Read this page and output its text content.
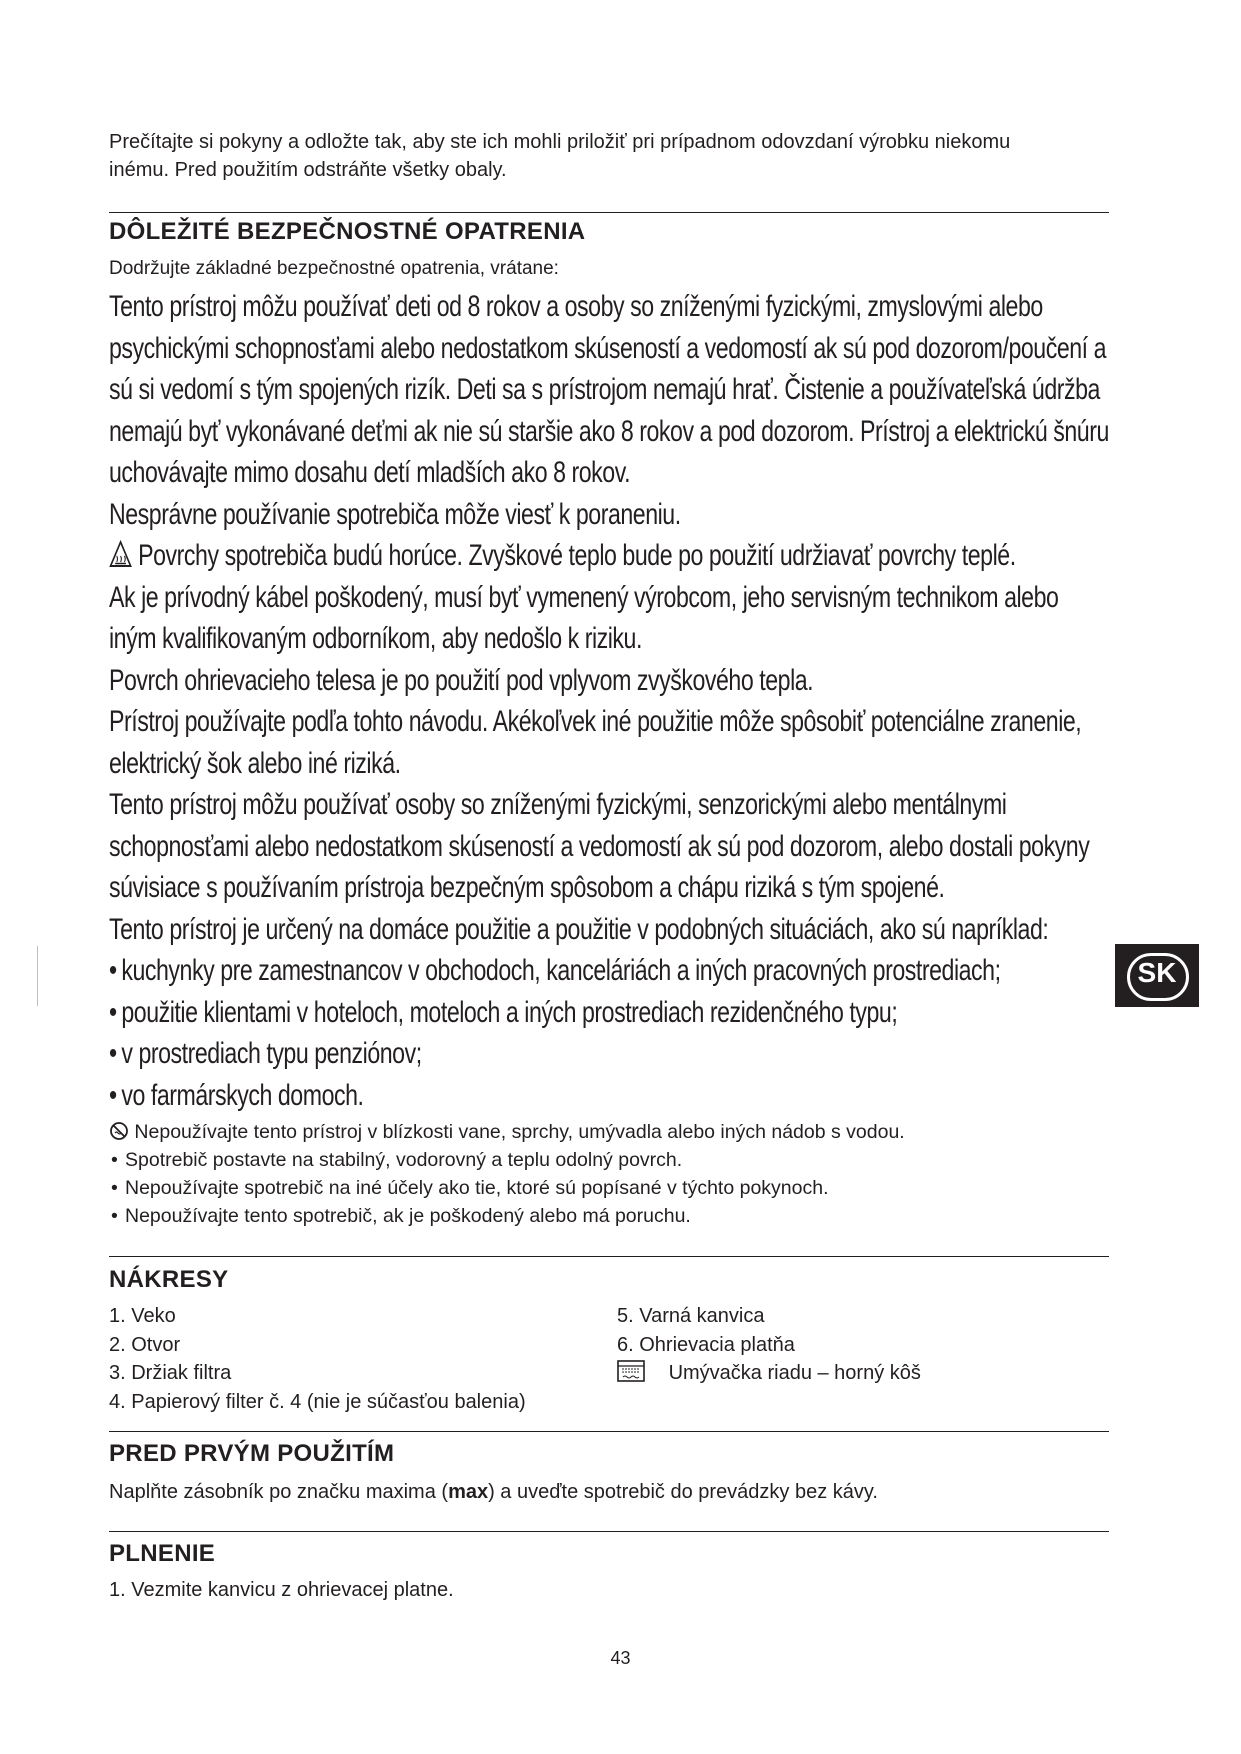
Prečítajte si pokyny a odložte tak, aby ste ich mohli priložiť pri prípadnom odovzdaní výrobku niekomu
inému. Pred použitím odstráňte všetky obaly.
DÔLEŽITÉ BEZPEČNOSTNÉ OPATRENIA
Dodržujte základné bezpečnostné opatrenia, vrátane:

Tento prístroj môžu používať deti od 8 rokov a osoby so zníženými fyzickými, zmyslovými alebo

psychickými schopnosťami alebo nedostatkom skúseností a vedomostí ak sú pod dozorom/poučení a

sú si vedomí s tým spojených rizík. Deti sa s prístrojom nemajú hrať. Čistenie a používateľská údržba

nemajú byť vykonávané deťmi ak nie sú staršie ako 8 rokov a pod dozorom. Prístroj a elektrickú šnúru

uchovávajte mimo dosahu detí mladších ako 8 rokov.

Nesprávne používanie spotrebiča môže viesť k poraneniu.

Povrchy spotrebiča budú horúce. Zvyškové teplo bude po použití udržiavať povrchy teplé.

Ak je prívodný kábel poškodený, musí byť vymenený výrobcom, jeho servisným technikom alebo

iným kvalifikovaným odborníkom, aby nedošlo k riziku.

Povrch ohrievacieho telesa je po použití pod vplyvom zvyškového tepla.

Prístroj používajte podľa tohto návodu. Akékoľvek iné použitie môže spôsobiť potenciálne zranenie,

elektrický šok alebo iné riziká.

Tento prístroj môžu používať osoby so zníženými fyzickými, senzorickými alebo mentálnymi

schopnosťami alebo nedostatkom skúseností a vedomostí ak sú pod dozorom, alebo dostali pokyny

súvisiace s používaním prístroja bezpečným spôsobom a chápu riziká s tým spojené.

Tento prístroj je určený na domáce použitie a použitie v podobných situáciách, ako sú napríklad:

• kuchynky pre zamestnancov v obchodoch, kanceláriách a iných pracovných prostrediach;

• použitie klientami v hoteloch, moteloch a iných prostrediach rezidenčného typu;

• v prostrediach typu penziónov;

• vo farmárskych domoch.

Nepoužívajte tento prístroj v blízkosti vane, sprchy, umývadla alebo iných nádob s vodou.

• Spotrebič postavte na stabilný, vodorovný a teplu odolný povrch.

• Nepoužívajte spotrebič na iné účely ako tie, ktoré sú popísané v týchto pokynoch.

• Nepoužívajte tento spotrebič, ak je poškodený alebo má poruchu.

NÁKRESY

1. Veko

2. Otvor

3. Držiak filtra

4. Papierový filter č. 4 (nie je súčasťou balenia)

5. Varná kanvica

6. Ohrievacia platňa

Umývačka riadu – horný kôš

PRED PRVÝM POUŽITÍM

Naplňte zásobník po značku maxima (max) a uveďte spotrebič do prevádzky bez kávy.

PLNENIE

1. Vezmite kanvicu z ohrievacej platne.

SK
43
